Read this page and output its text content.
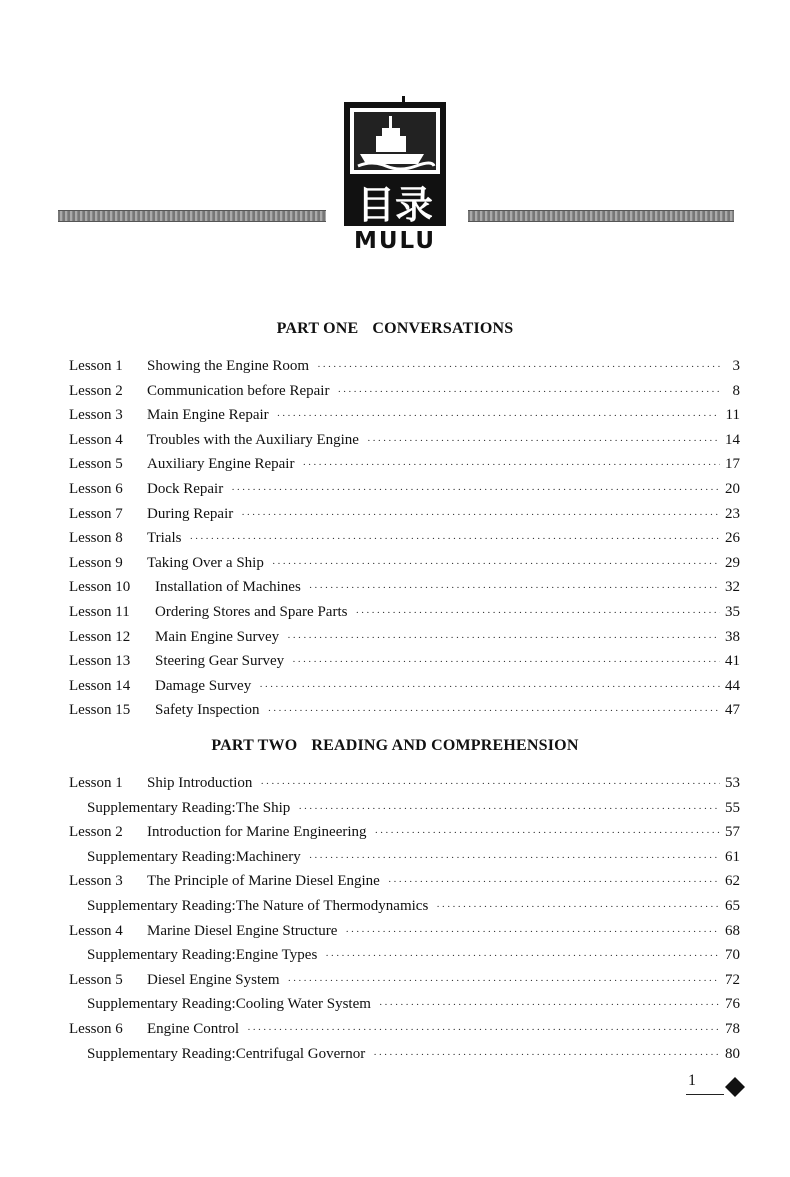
目录
MULU
PART ONE CONVERSATIONS
Lesson 1	Showing the Engine Room ·····	3
Lesson 2	Communication before Repair ·····	8
Lesson 3	Main Engine Repair ·····	11
Lesson 4	Troubles with the Auxiliary Engine ·····	14
Lesson 5	Auxiliary Engine Repair ·····	17
Lesson 6	Dock Repair ·····	20
Lesson 7	During Repair ·····	23
Lesson 8	Trials ·····	26
Lesson 9	Taking Over a Ship ·····	29
Lesson 10	Installation of Machines ·····	32
Lesson 11	Ordering Stores and Spare Parts ·····	35
Lesson 12	Main Engine Survey ·····	38
Lesson 13	Steering Gear Survey ·····	41
Lesson 14	Damage Survey ·····	44
Lesson 15	Safety Inspection ·····	47
PART TWO READING AND COMPREHENSION
Lesson 1	Ship Introduction ·····	53
Supplementary Reading:The Ship ·····	55
Lesson 2	Introduction for Marine Engineering ·····	57
Supplementary Reading:Machinery ·····	61
Lesson 3	The Principle of Marine Diesel Engine ·····	62
Supplementary Reading:The Nature of Thermodynamics ·····	65
Lesson 4	Marine Diesel Engine Structure ·····	68
Supplementary Reading:Engine Types ·····	70
Lesson 5	Diesel Engine System ·····	72
Supplementary Reading:Cooling Water System ·····	76
Lesson 6	Engine Control ·····	78
Supplementary Reading:Centrifugal Governor ·····	80
1
